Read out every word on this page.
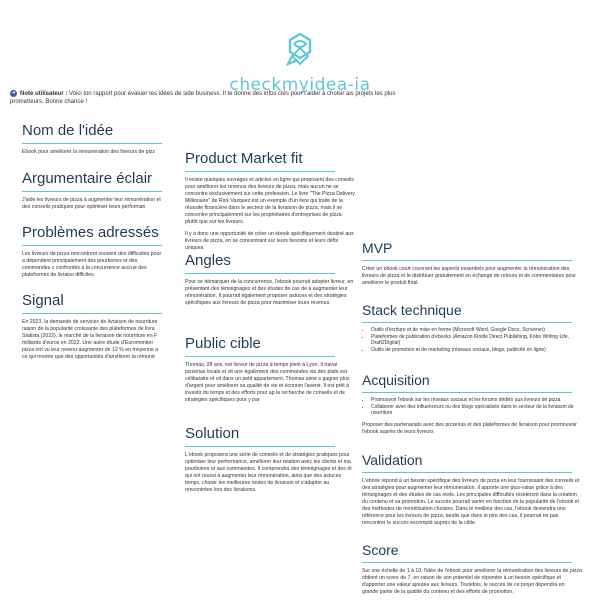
checkmyidea-ia
➜ Note utilisateur : Voici ton rapport pour évaluer tes idées de side business. Il te donne des infos clés pour t'aider à choisir ais projets les plus prometteurs. Bonne chance !
Nom de l'idée
Ebook pour améliorer la rémunération des livreurs de pizz
Argumentaire éclair
J'aide les livreurs de pizza à augmenter leur rémunération et des conseils pratiques pour optimiser leurs performan
Problèmes adressés
Les livreurs de pizza rencontrent souvent des difficultés pour a dépendent principalement des pourboires et des commandes c confrontés à la concurrence accrue des plateformes de livraiso difficiles.
Signal
En 2023, la demande de services de livraison de nourriture raison de la popularité croissante des plateformes de livra Statista (2022), le marché de la livraison de nourriture en F milliards d'euros en 2022. Une autre étude d'Euromonitor pizza ont vu leur revenu augmenter de 12 % en moyenne a ce qui montre que des opportunités d'améliorer la rémuné
Product Market fit
Il existe quelques ouvrages et articles en ligne qui proposent des conseils pour améliorer les revenus des livreurs de pizza, mais aucun ne se concentre exclusivement sur cette profession. Le livre "The Pizza Delivery Millionaire" de Rick Vazquez est un exemple d'un livre qui traite de la réussite financière dans le secteur de la livraison de pizza, mais il se concentre principalement sur les propriétaires d'entreprises de pizza plutôt que sur les livreurs.
Il y a donc une opportunité de créer un ebook spécifiquement destiné aux livreurs de pizza, en se concentrant sur leurs besoins et leurs défis uniques.
Angles
Pour se démarquer de la concurrence, l'ebook pourrait adopter livreur, en présentant des témoignages et des études de cas de à augmenter leur rémunération. Il pourrait également proposer astuces et des stratégies spécifiques aux livreurs de pizza pour maximiser leurs revenus.
Public cible
Thomas, 28 ans, est livreur de pizza à temps plein à Lyon. Il travai pizzerias locale et vit une également des commandes via des plate est célibataire et vit dans un petit appartement. Thomas aime s gagner plus d'argent pour améliorer sa qualité de vie et économ l'avenir. Il est prêt à investir du temps et des efforts pour ap la recherche de conseils et de stratégies spécifiques pour y par
Solution
L'ebook proposera une série de conseils et de stratégies pratiques pour optimiser leur performance, améliorer leur relation avec les clients et ma pourboires et aux commandes. Il comprendra des témoignages et des ét qui ont réussi à augmenter leur rémunération, ainsi que des astuces temps, choisir les meilleures routes de livraison et s'adapter au rencontrées lors des livraisons.
MVP
Créer un ebook court couvrant les aspects essentiels pour augmenter la rémunération des livreurs de pizza et le distribuer gratuitement en échange de retours et de commentaires pour améliorer le produit final.
Stack technique
• Outils d'écriture et de mise en forme (Microsoft Word, Google Docs, Scrivener)
• Plateformes de publication d'ebooks (Amazon Kindle Direct Publishing, Kobo Writing Life, Draft2Digital)
• Outils de promotion et de marketing (réseaux sociaux, blogs, publicité en ligne)
Acquisition
• Promouvoir l'ebook sur les réseaux sociaux et les forums dédiés aux livreurs de pizza
• Collaborer avec des influenceurs ou des blogs spécialisés dans le secteur de la livraison de nourriture
Proposer des partenariats avec des pizzerias et des plateformes de livraison pour promouvoir l'ebook auprès de leurs livreurs
Validation
L'ebook répond à un besoin spécifique des livreurs de pizza en leur fournissant des conseils et des stratégies pour augmenter leur rémunération. Il apporte une plus-value grâce à des témoignages et des études de cas réels. Les principales difficultés résideront dans la création du contenu et sa promotion. Le succès pourrait varier en fonction de la popularité de l'ebook et des méthodes de monétisation choisies. Dans le meilleur des cas, l'ebook deviendra une référence pour les livreurs de pizza, tandis que dans le pire des cas, il pourrait ne pas rencontrer le succès escompté auprès de la cible.
Score
Sur une échelle de 1 à 10, l'idée de l'ebook pour améliorer la rémunération des livreurs de pizza obtient un score de 7, en raison de son potentiel de répondre à un besoin spécifique et d'apporter une valeur ajoutée aux livreurs. Toutefois, le succès de ce projet dépendra en grande partie de la qualité du contenu et des efforts de promotion.
